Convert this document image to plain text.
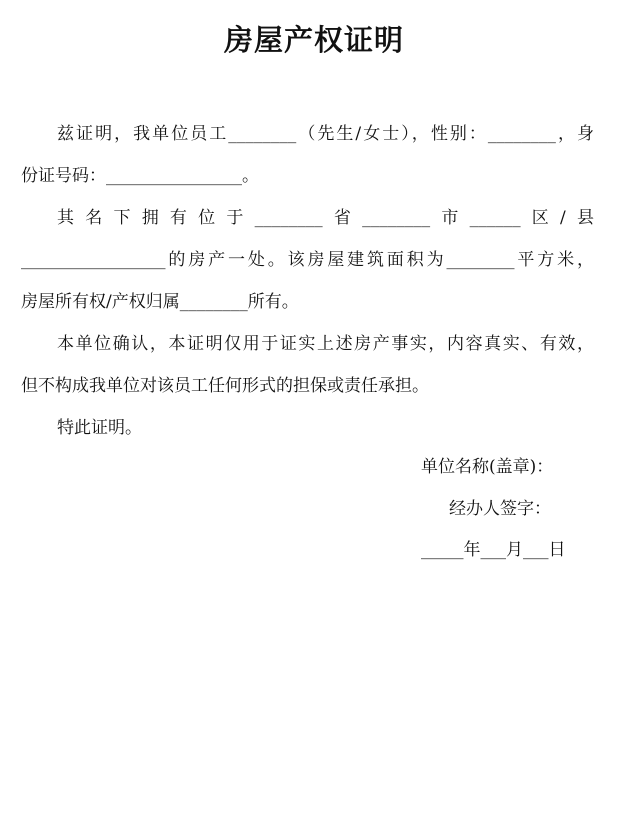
房屋产权证明
兹证明，我单位员工________（先生/女士），性别：________，身
份证号码：________________。
其名下拥有位于________省________市______区/县
_________________的房产一处。该房屋建筑面积为________平方米，
房屋所有权/产权归属________所有。
本单位确认，本证明仅用于证实上述房产事实，内容真实、有效，
但不构成我单位对该员工任何形式的担保或责任承担。
特此证明。
单位名称(盖章)：
经办人签字：
_____年___月___日
